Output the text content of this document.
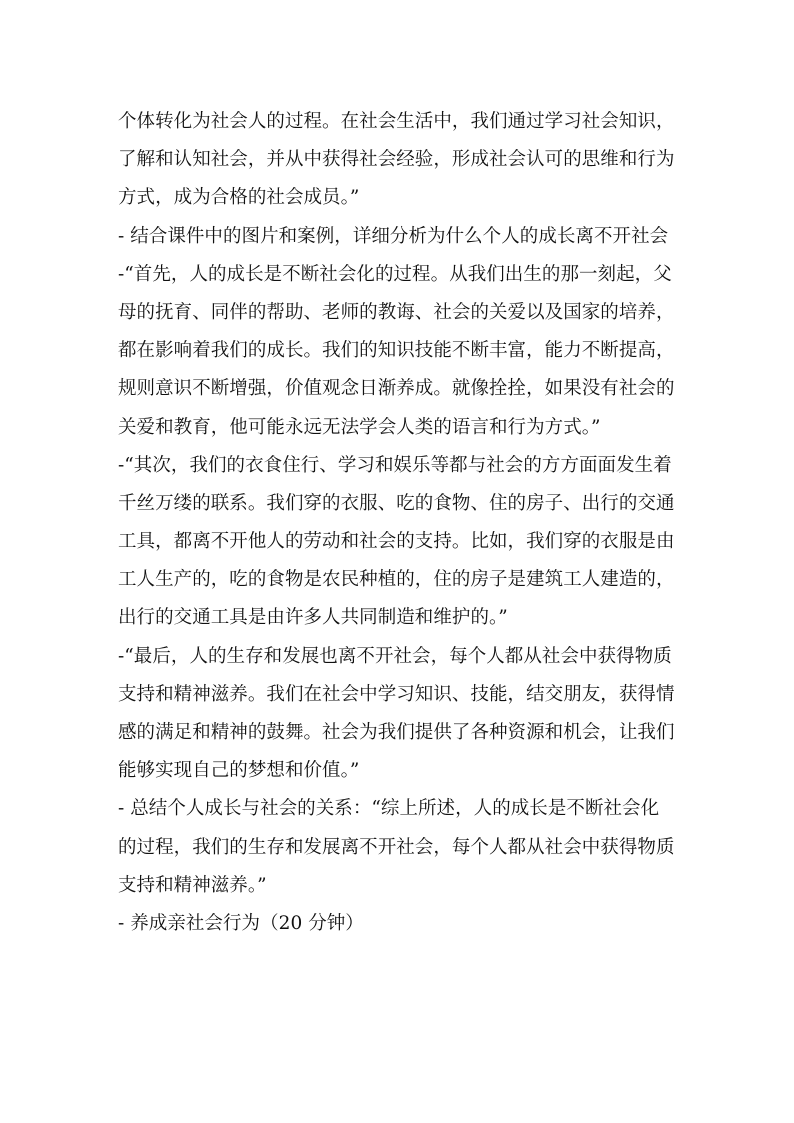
个体转化为社会人的过程。在社会生活中，我们通过学习社会知识，
了解和认知社会，并从中获得社会经验，形成社会认可的思维和行为
方式，成为合格的社会成员。”
- 结合课件中的图片和案例，详细分析为什么个人的成长离不开社会
-“首先，人的成长是不断社会化的过程。从我们出生的那一刻起，父
母的抚育、同伴的帮助、老师的教诲、社会的关爱以及国家的培养，
都在影响着我们的成长。我们的知识技能不断丰富，能力不断提高，
规则意识不断增强，价值观念日渐养成。就像拴拴，如果没有社会的
关爱和教育，他可能永远无法学会人类的语言和行为方式。”
-“其次，我们的衣食住行、学习和娱乐等都与社会的方方面面发生着
千丝万缕的联系。我们穿的衣服、吃的食物、住的房子、出行的交通
工具，都离不开他人的劳动和社会的支持。比如，我们穿的衣服是由
工人生产的，吃的食物是农民种植的，住的房子是建筑工人建造的，
出行的交通工具是由许多人共同制造和维护的。”
-“最后，人的生存和发展也离不开社会，每个人都从社会中获得物质
支持和精神滋养。我们在社会中学习知识、技能，结交朋友，获得情
感的满足和精神的鼓舞。社会为我们提供了各种资源和机会，让我们
能够实现自己的梦想和价值。”
- 总结个人成长与社会的关系：“综上所述，人的成长是不断社会化
的过程，我们的生存和发展离不开社会，每个人都从社会中获得物质
支持和精神滋养。”
- 养成亲社会行为（20 分钟）
